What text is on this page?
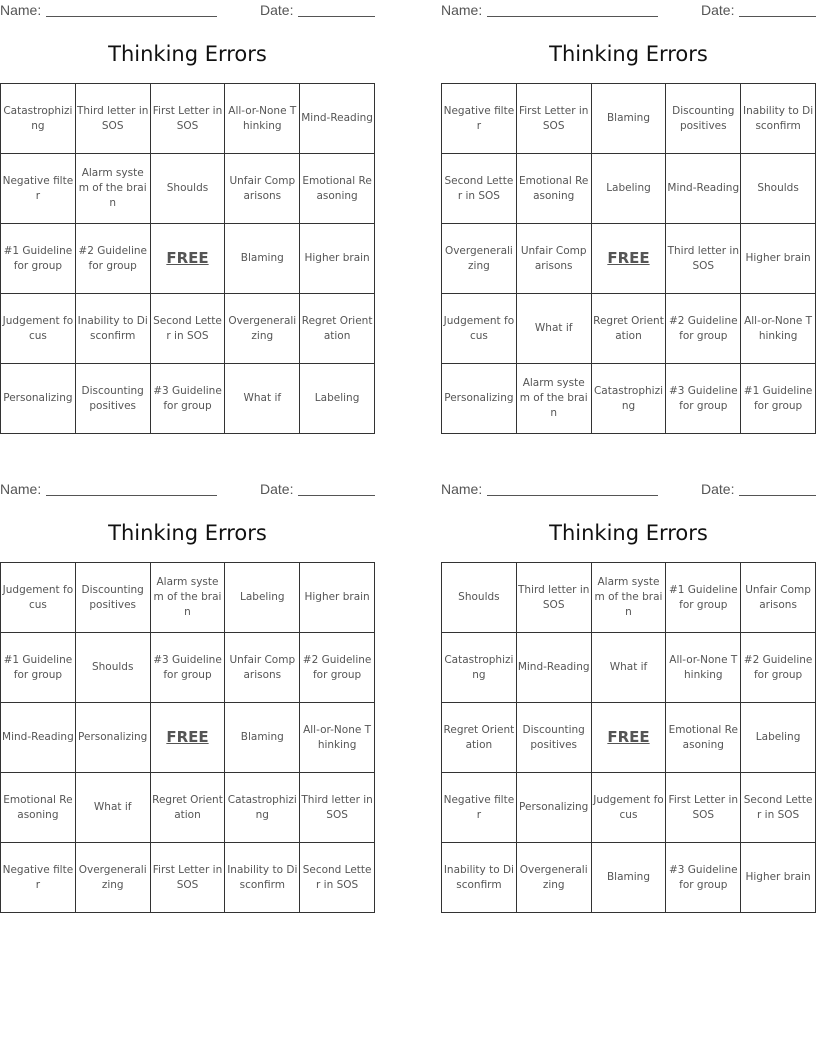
Name:	Date:
Thinking Errors
Catastrophizing	Third letter in SOS	First Letter in SOS	All-or-None Thinking	Mind-Reading
Negative filter	Alarm system of the brain	Shoulds	Unfair Comparisons	Emotional Reasoning
#1 Guideline for group	#2 Guideline for group	FREE	Blaming	Higher brain
Judgement focus	Inability to Disconfirm	Second Letter in SOS	Overgeneralizing	Regret Orientation
Personalizing	Discounting positives	#3 Guideline for group	What if	Labeling
Name:	Date:
Thinking Errors
Negative filter	First Letter in SOS	Blaming	Discounting positives	Inability to Disconfirm
Second Letter in SOS	Emotional Reasoning	Labeling	Mind-Reading	Shoulds
Overgeneralizing	Unfair Comparisons	FREE	Third letter in SOS	Higher brain
Judgement focus	What if	Regret Orientation	#2 Guideline for group	All-or-None Thinking
Personalizing	Alarm system of the brain	Catastrophizing	#3 Guideline for group	#1 Guideline for group
Name:	Date:
Thinking Errors
Judgement focus	Discounting positives	Alarm system of the brain	Labeling	Higher brain
#1 Guideline for group	Shoulds	#3 Guideline for group	Unfair Comparisons	#2 Guideline for group
Mind-Reading	Personalizing	FREE	Blaming	All-or-None Thinking
Emotional Reasoning	What if	Regret Orientation	Catastrophizing	Third letter in SOS
Negative filter	Overgeneralizing	First Letter in SOS	Inability to Disconfirm	Second Letter in SOS
Name:	Date:
Thinking Errors
Shoulds	Third letter in SOS	Alarm system of the brain	#1 Guideline for group	Unfair Comparisons
Catastrophizing	Mind-Reading	What if	All-or-None Thinking	#2 Guideline for group
Regret Orientation	Discounting positives	FREE	Emotional Reasoning	Labeling
Negative filter	Personalizing	Judgement focus	First Letter in SOS	Second Letter in SOS
Inability to Disconfirm	Overgeneralizing	Blaming	#3 Guideline for group	Higher brain
